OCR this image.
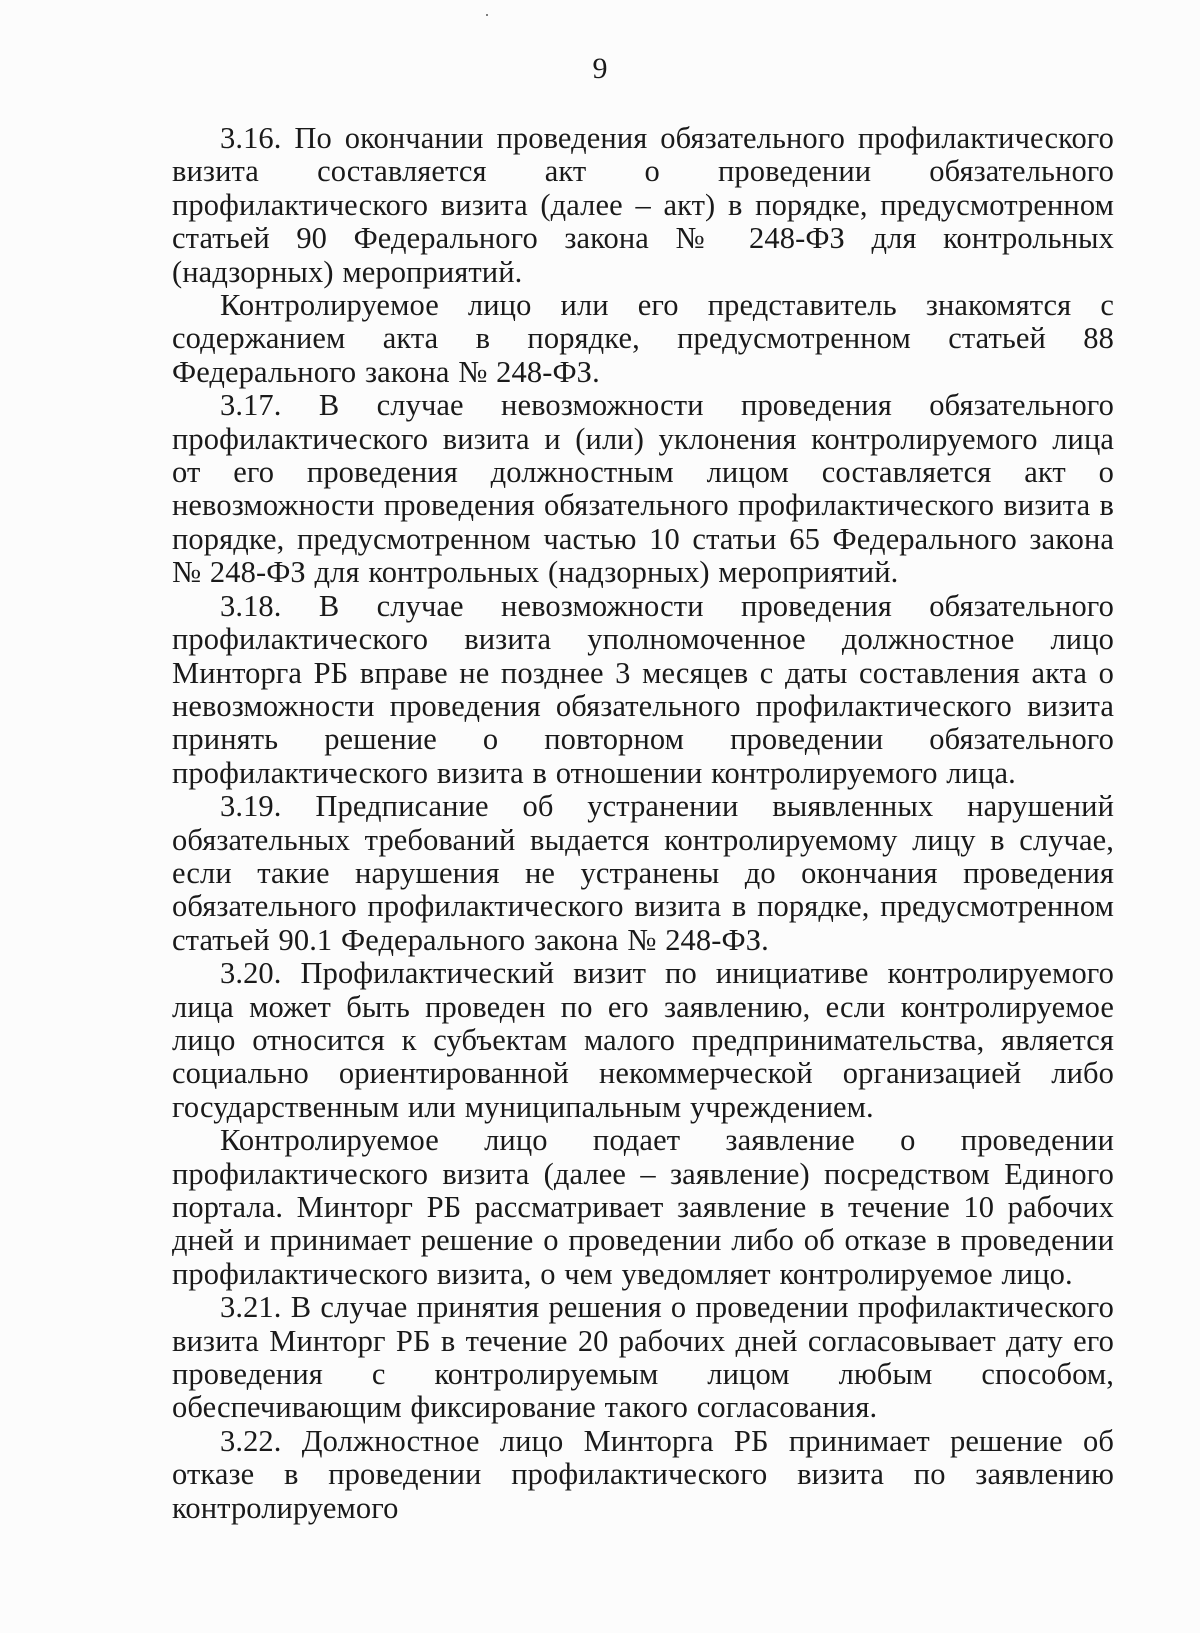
9

3.16. По окончании проведения обязательного профилактического визита составляется акт о проведении обязательного профилактического визита (далее – акт) в порядке, предусмотренном статьей 90 Федерального закона № 248-ФЗ для контрольных (надзорных) мероприятий.

Контролируемое лицо или его представитель знакомятся с содержанием акта в порядке, предусмотренном статьей 88 Федерального закона № 248-ФЗ.

3.17. В случае невозможности проведения обязательного профилактического визита и (или) уклонения контролируемого лица от его проведения должностным лицом составляется акт о невозможности проведения обязательного профилактического визита в порядке, предусмотренном частью 10 статьи 65 Федерального закона № 248-ФЗ для контрольных (надзорных) мероприятий.

3.18. В случае невозможности проведения обязательного профилактического визита уполномоченное должностное лицо Минторга РБ вправе не позднее 3 месяцев с даты составления акта о невозможности проведения обязательного профилактического визита принять решение о повторном проведении обязательного профилактического визита в отношении контролируемого лица.

3.19. Предписание об устранении выявленных нарушений обязательных требований выдается контролируемому лицу в случае, если такие нарушения не устранены до окончания проведения обязательного профилактического визита в порядке, предусмотренном статьей 90.1 Федерального закона № 248-ФЗ.

3.20. Профилактический визит по инициативе контролируемого лица может быть проведен по его заявлению, если контролируемое лицо относится к субъектам малого предпринимательства, является социально ориентированной некоммерческой организацией либо государственным или муниципальным учреждением.

Контролируемое лицо подает заявление о проведении профилактического визита (далее – заявление) посредством Единого портала. Минторг РБ рассматривает заявление в течение 10 рабочих дней и принимает решение о проведении либо об отказе в проведении профилактического визита, о чем уведомляет контролируемое лицо.

3.21. В случае принятия решения о проведении профилактического визита Минторг РБ в течение 20 рабочих дней согласовывает дату его проведения с контролируемым лицом любым способом, обеспечивающим фиксирование такого согласования.

3.22. Должностное лицо Минторга РБ принимает решение об отказе в проведении профилактического визита по заявлению контролируемого
